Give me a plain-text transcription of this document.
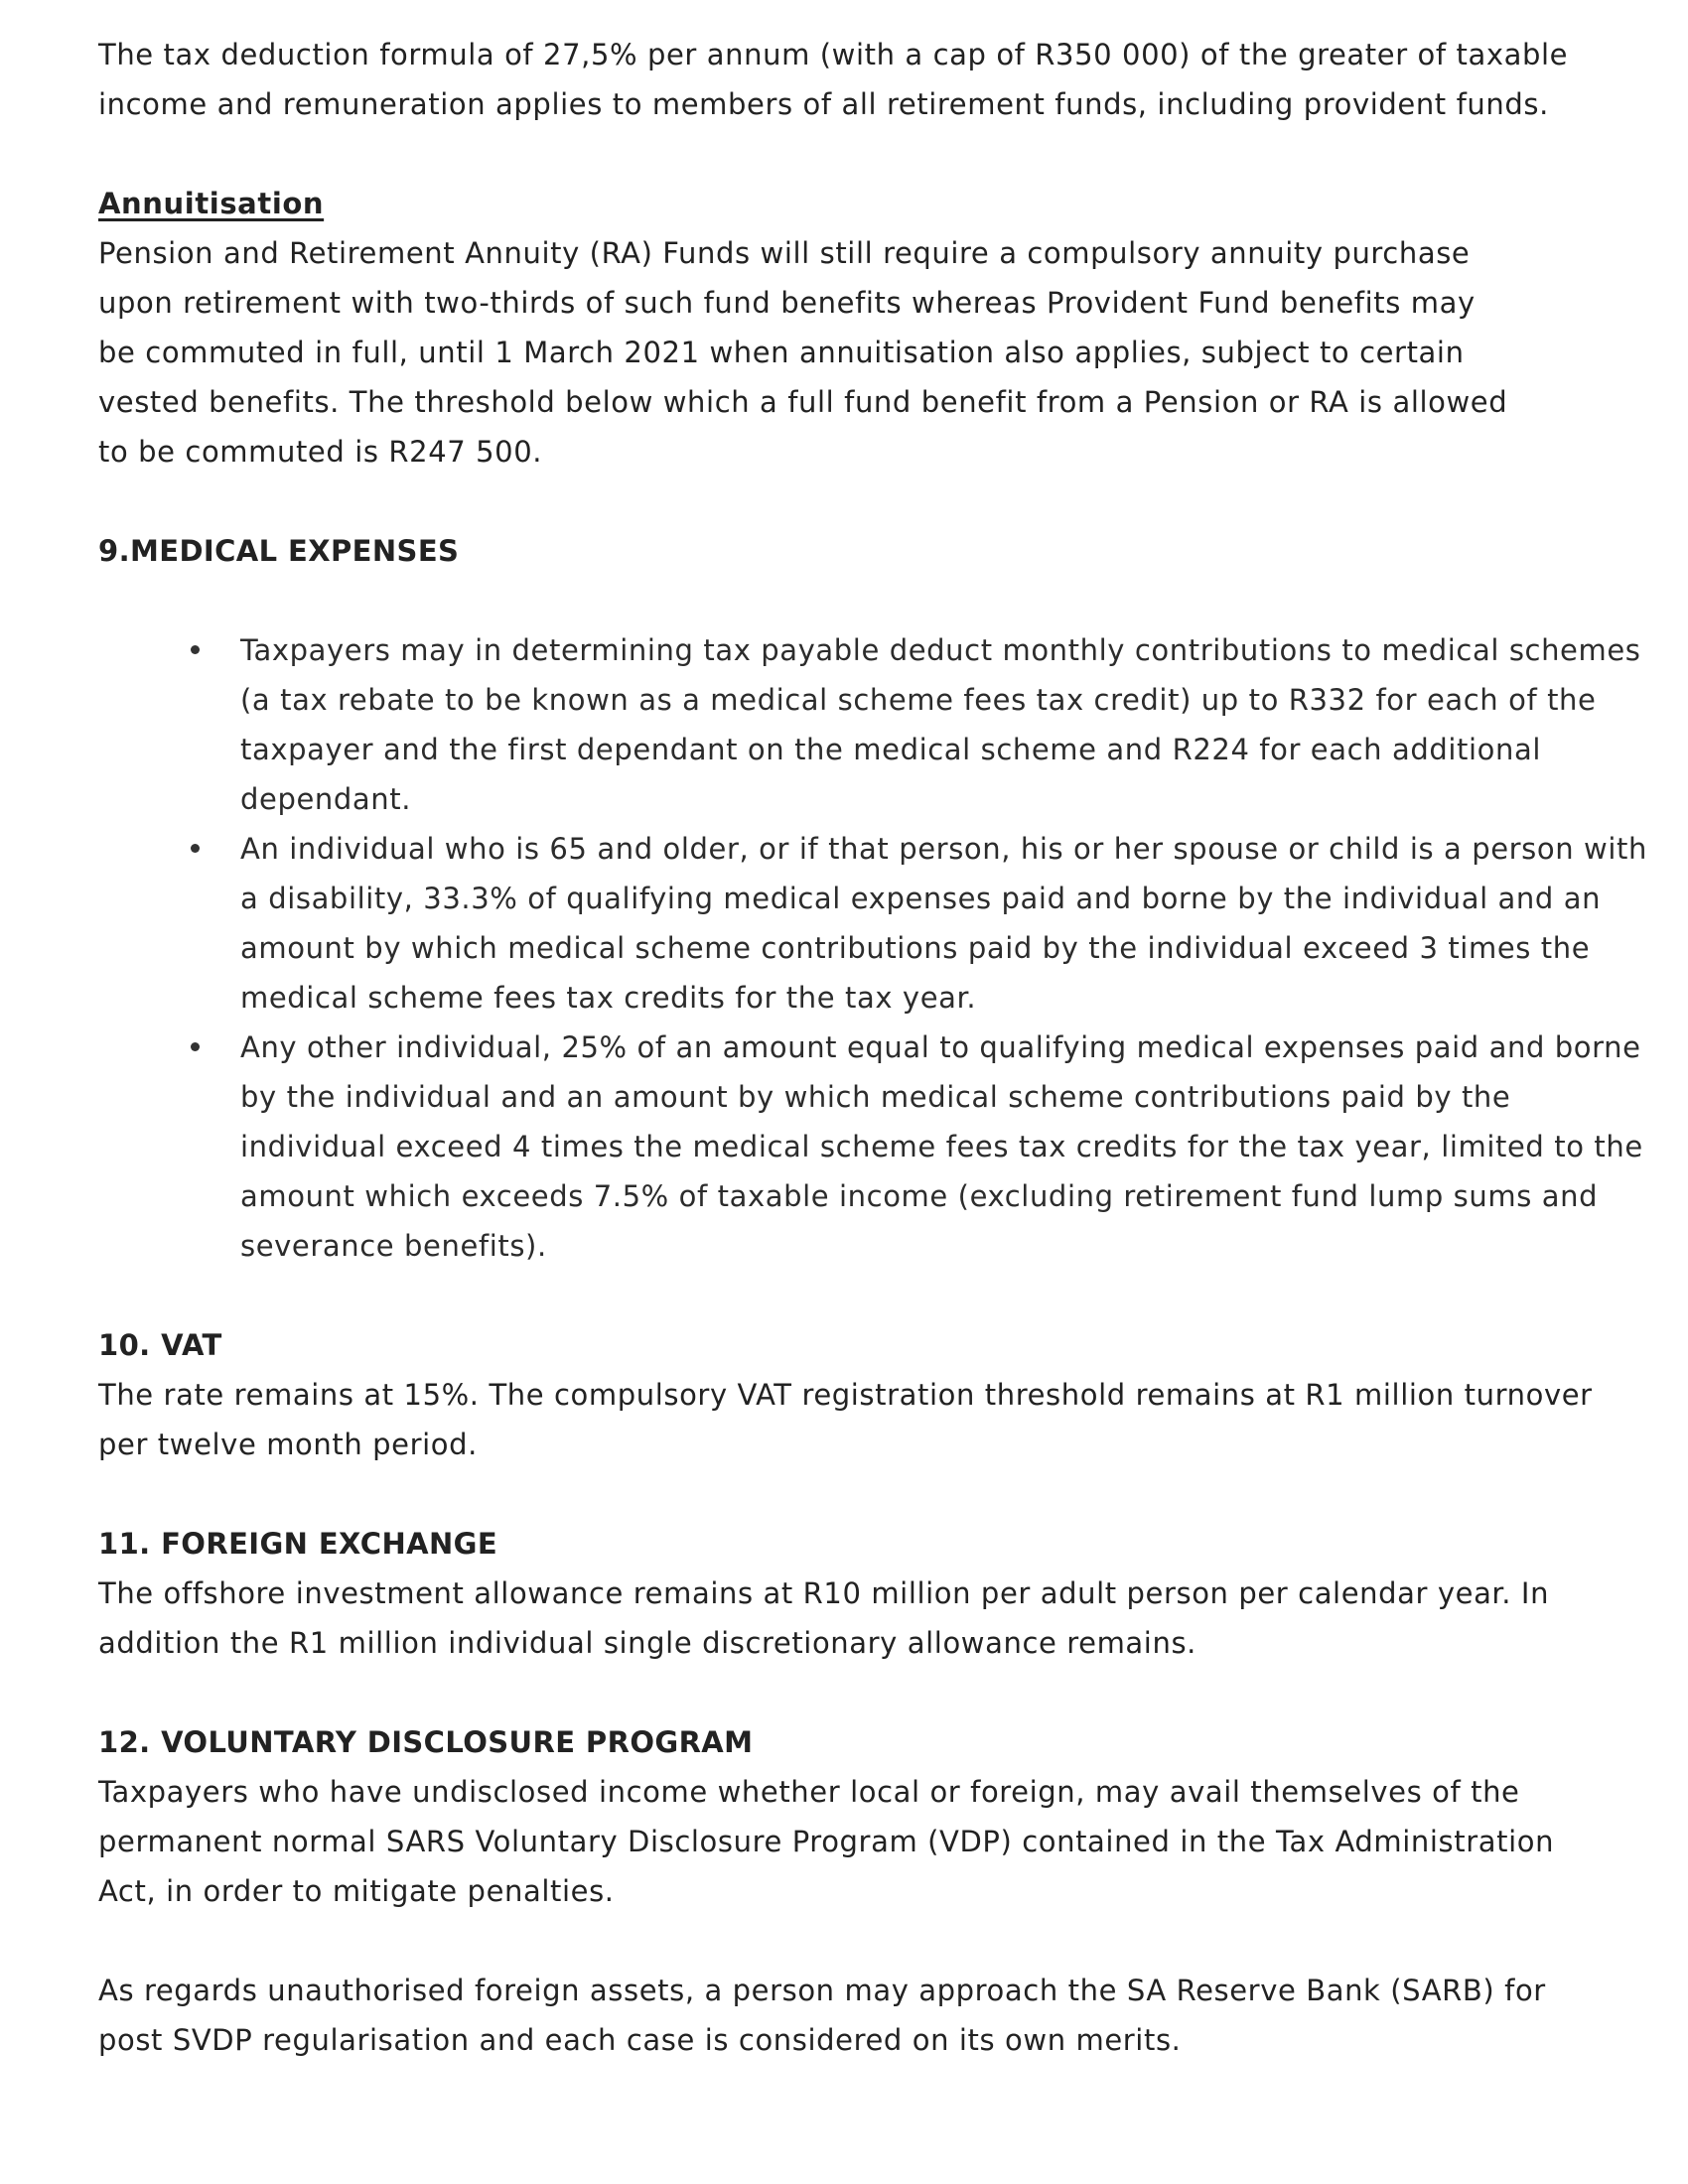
The tax deduction formula of 27,5% per annum (with a cap of R350 000) of the greater of taxable income and remuneration applies to members of all retirement funds, including provident funds.

Annuitisation

Pension and Retirement Annuity (RA) Funds will still require a compulsory annuity purchase upon retirement with two-thirds of such fund benefits whereas Provident Fund benefits may be commuted in full, until 1 March 2021 when annuitisation also applies, subject to certain vested benefits. The threshold below which a full fund benefit from a Pension or RA is allowed to be commuted is R247 500.

9.MEDICAL EXPENSES

Taxpayers may in determining tax payable deduct monthly contributions to medical schemes (a tax rebate to be known as a medical scheme fees tax credit) up to R332 for each of the taxpayer and the first dependant on the medical scheme and R224 for each additional dependant.
An individual who is 65 and older, or if that person, his or her spouse or child is a person with a disability, 33.3% of qualifying medical expenses paid and borne by the individual and an amount by which medical scheme contributions paid by the individual exceed 3 times the medical scheme fees tax credits for the tax year.
Any other individual, 25% of an amount equal to qualifying medical expenses paid and borne by the individual and an amount by which medical scheme contributions paid by the individual exceed 4 times the medical scheme fees tax credits for the tax year, limited to the amount which exceeds 7.5% of taxable income (excluding retirement fund lump sums and severance benefits).

10. VAT

The rate remains at 15%. The compulsory VAT registration threshold remains at R1 million turnover per twelve month period.

11. FOREIGN EXCHANGE

The offshore investment allowance remains at R10 million per adult person per calendar year. In addition the R1 million individual single discretionary allowance remains.

12. VOLUNTARY DISCLOSURE PROGRAM

Taxpayers who have undisclosed income whether local or foreign, may avail themselves of the permanent normal SARS Voluntary Disclosure Program (VDP) contained in the Tax Administration Act, in order to mitigate penalties.

As regards unauthorised foreign assets, a person may approach the SA Reserve Bank (SARB) for post SVDP regularisation and each case is considered on its own merits.
